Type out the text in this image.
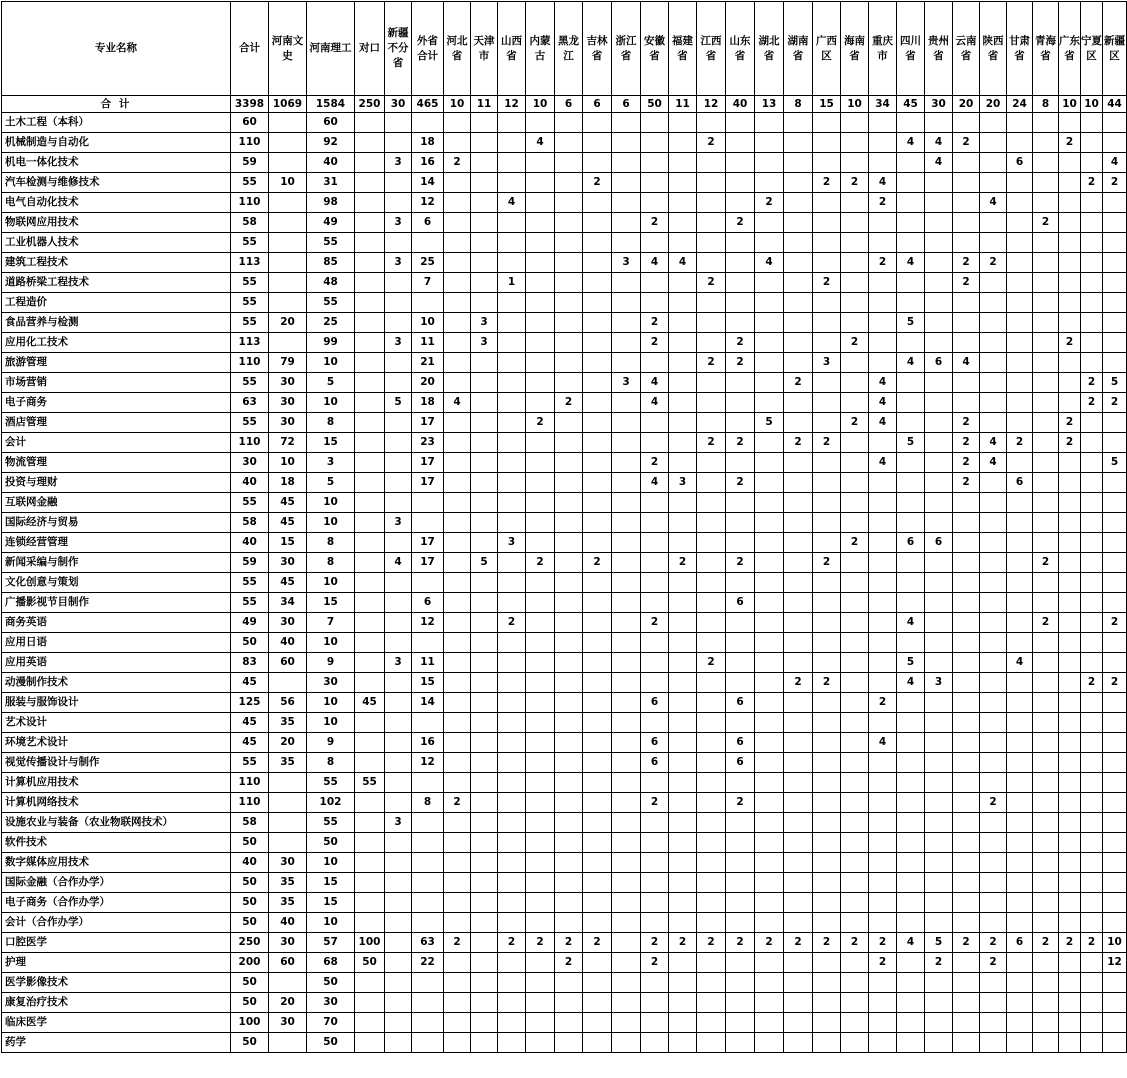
专业名称	合计	河南文史	河南理工	对口	新疆不分省	外省合计	河北省	天津市	山西省	内蒙古	黑龙江	吉林省	浙江省	安徽省	福建省	江西省	山东省	湖北省	湖南省	广西区	海南省	重庆市	四川省	贵州省	云南省	陕西省	甘肃省	青海省	广东省	宁夏区	新疆区
合 计	3398	1069	1584	250	30	465	10	11	12	10	6	6	6	50	11	12	40	13	8	15	10	34	45	30	20	20	24	8	10	10	44
土木工程（本科）	60		60																												
机械制造与自动化	110		92			18				4						2							4	4	2				2		
机电一体化技术	59		40		3	16	2																	4			6				4
汽车检测与维修技术	55	10	31			14						2								2	2	4								2	2
电气自动化技术	110		98			12			4									2				2				4					
物联网应用技术	58		49		3	6								2			2											2			
工业机器人技术	55		55																												
建筑工程技术	113		85		3	25							3	4	4			4				2	4		2	2					
道路桥梁工程技术	55		48			7			1							2				2					2						
工程造价	55		55																												
食品营养与检测	55	20	25			10		3						2									5								
应用化工技术	113		99		3	11		3						2			2				2								2		
旅游管理	110	79	10			21										2	2			3			4	6	4						
市场营销	55	30	5			20							3	4					2			4								2	5
电子商务	63	30	10		5	18	4				2			4								4								2	2
酒店管理	55	30	8			17				2								5			2	4			2				2		
会计	110	72	15			23										2	2		2	2			5		2	4	2		2		
物流管理	30	10	3			17								2								4			2	4					5
投资与理财	40	18	5			17								4	3		2								2		6				
互联网金融	55	45	10																												
国际经济与贸易	58	45	10		3																										
连锁经营管理	40	15	8			17			3												2		6	6							
新闻采编与制作	59	30	8		4	17		5		2		2			2		2			2								2			
文化创意与策划	55	45	10																												
广播影视节目制作	55	34	15			6											6														
商务英语	49	30	7			12			2					2									4					2			2
应用日语	50	40	10																												
应用英语	83	60	9		3	11										2							5				4				
动漫制作技术	45		30			15													2	2			4	3						2	2
服装与服饰设计	125	56	10	45		14								6			6					2									
艺术设计	45	35	10																												
环境艺术设计	45	20	9			16								6			6					4									
视觉传播设计与制作	55	35	8			12								6			6														
计算机应用技术	110		55	55																											
计算机网络技术	110		102			8	2							2			2									2					
设施农业与装备（农业物联网技术）	58		55		3																										
软件技术	50		50																												
数字媒体应用技术	40	30	10																												
国际金融（合作办学）	50	35	15																												
电子商务（合作办学）	50	35	15																												
会计（合作办学）	50	40	10																												
口腔医学	250	30	57	100		63	2		2	2	2	2		2	2	2	2	2	2	2	2	2	4	5	2	2	6	2	2	2	10
护理	200	60	68	50		22					2			2								2		2		2					12
医学影像技术	50		50																												
康复治疗技术	50	20	30																												
临床医学	100	30	70																												
药学	50		50																												
